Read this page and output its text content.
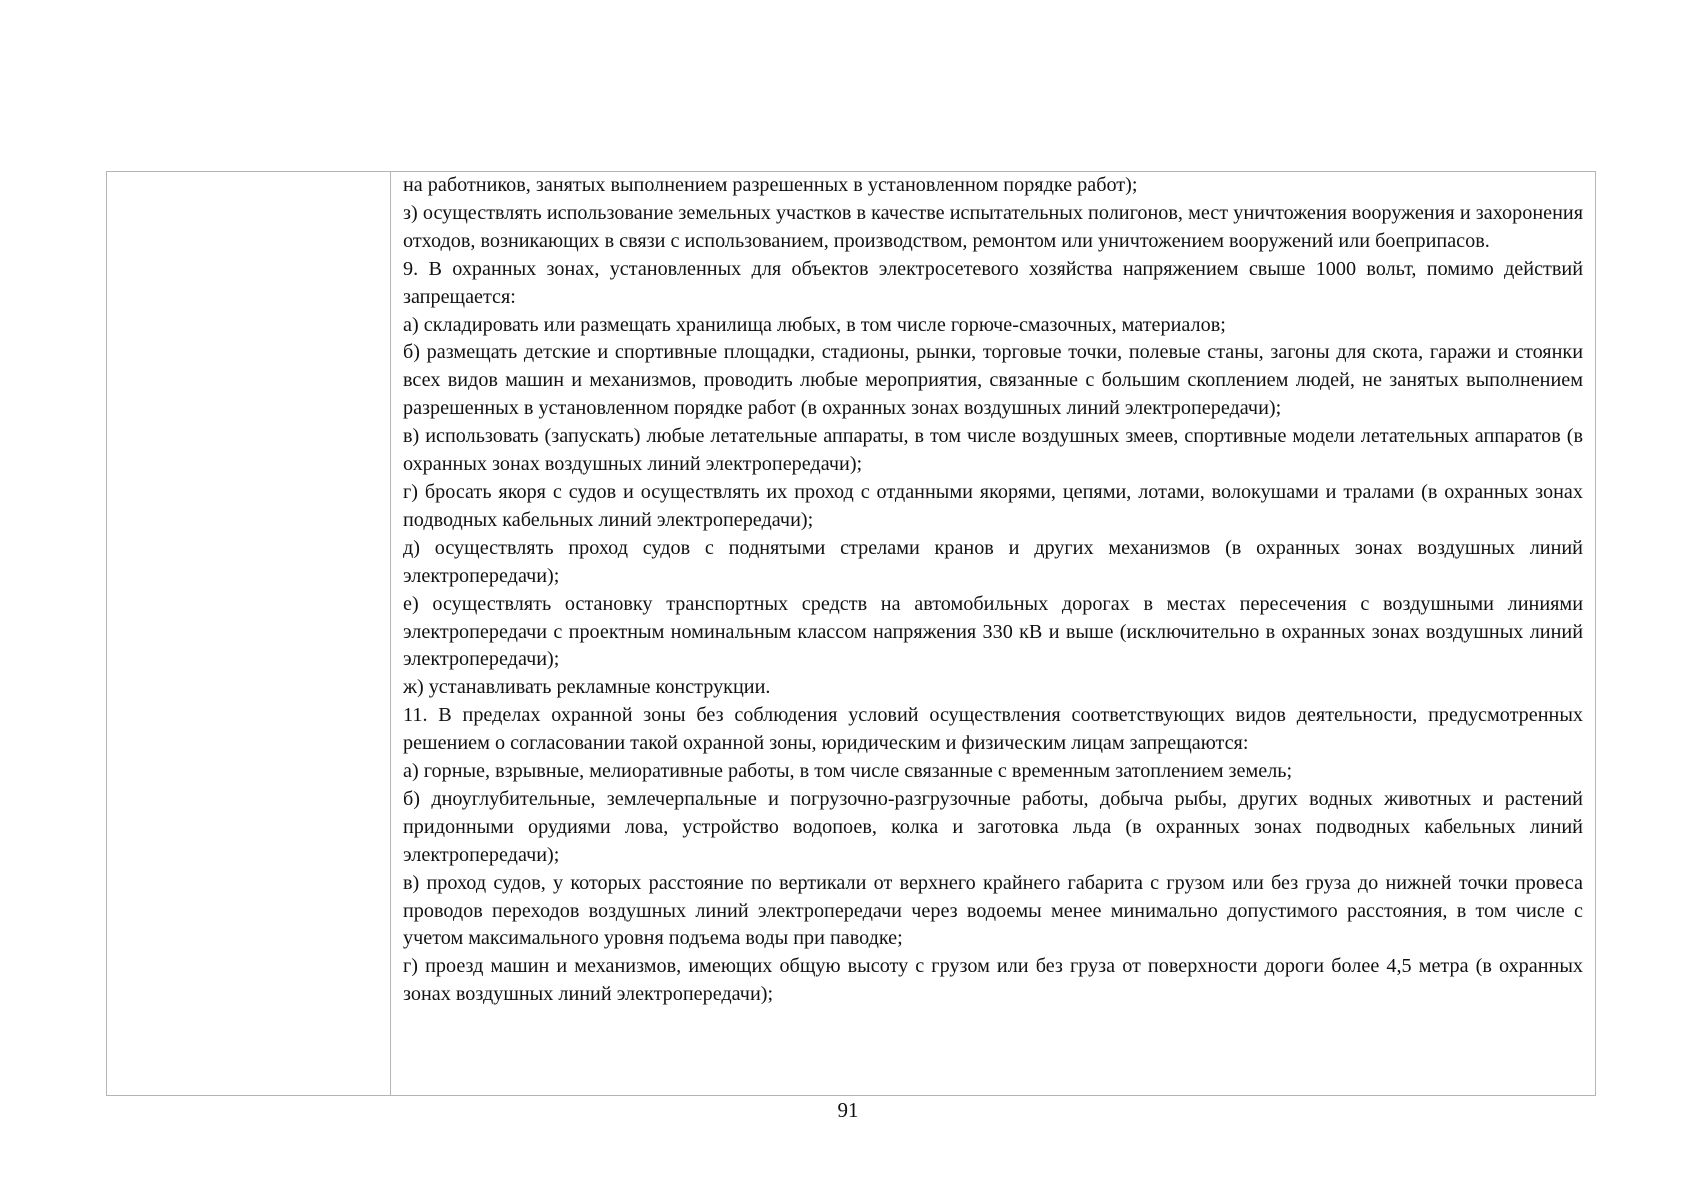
на работников, занятых выполнением разрешенных в установленном порядке работ);

з) осуществлять использование земельных участков в качестве испытательных полигонов, мест уничтожения вооружения и захоронения отходов, возникающих в связи с использованием, производством, ремонтом или уничтожением вооружений или боеприпасов.

9. В охранных зонах, установленных для объектов электросетевого хозяйства напряжением свыше 1000 вольт, помимо действий запрещается:

а) складировать или размещать хранилища любых, в том числе горюче-смазочных, материалов;

б) размещать детские и спортивные площадки, стадионы, рынки, торговые точки, полевые станы, загоны для скота, гаражи и стоянки всех видов машин и механизмов, проводить любые мероприятия, связанные с большим скоплением людей, не занятых выполнением разрешенных в установленном порядке работ (в охранных зонах воздушных линий электропередачи);

в) использовать (запускать) любые летательные аппараты, в том числе воздушных змеев, спортивные модели летательных аппаратов (в охранных зонах воздушных линий электропередачи);

г) бросать якоря с судов и осуществлять их проход с отданными якорями, цепями, лотами, волокушами и тралами (в охранных зонах подводных кабельных линий электропередачи);

д) осуществлять проход судов с поднятыми стрелами кранов и других механизмов (в охранных зонах воздушных линий электропередачи);

е) осуществлять остановку транспортных средств на автомобильных дорогах в местах пересечения с воздушными линиями электропередачи с проектным номинальным классом напряжения 330 кВ и выше (исключительно в охранных зонах воздушных линий электропередачи);

ж) устанавливать рекламные конструкции.

11. В пределах охранной зоны без соблюдения условий осуществления соответствующих видов деятельности, предусмотренных решением о согласовании такой охранной зоны, юридическим и физическим лицам запрещаются:

а) горные, взрывные, мелиоративные работы, в том числе связанные с временным затоплением земель;

б) дноуглубительные, землечерпальные и погрузочно-разгрузочные работы, добыча рыбы, других водных животных и растений придонными орудиями лова, устройство водопоев, колка и заготовка льда (в охранных зонах подводных кабельных линий электропередачи);

в) проход судов, у которых расстояние по вертикали от верхнего крайнего габарита с грузом или без груза до нижней точки провеса проводов переходов воздушных линий электропередачи через водоемы менее минимально допустимого расстояния, в том числе с учетом максимального уровня подъема воды при паводке;

г) проезд машин и механизмов, имеющих общую высоту с грузом или без груза от поверхности дороги более 4,5 метра (в охранных зонах воздушных линий электропередачи);

91
